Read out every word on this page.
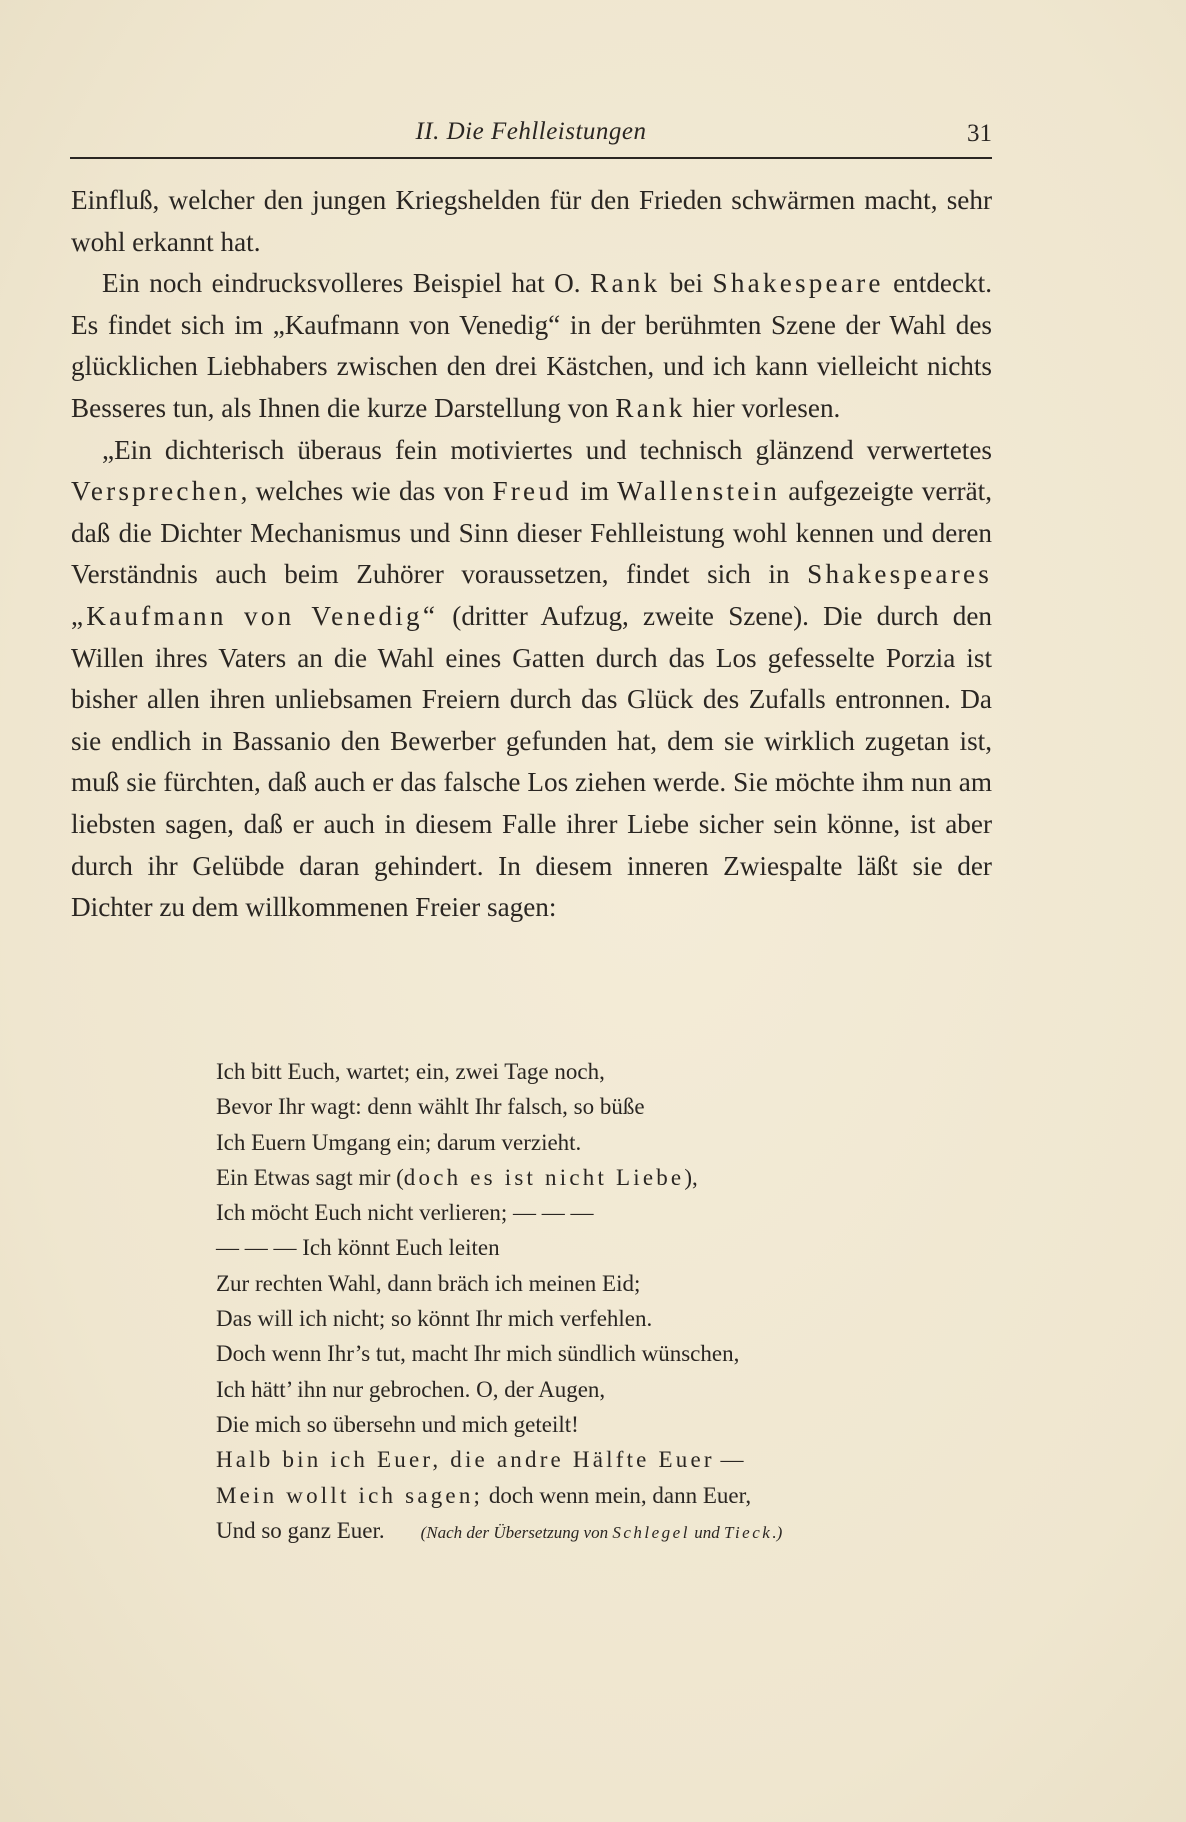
II. Die Fehlleistungen	31

Einfluß, welcher den jungen Kriegshelden für den Frieden schwärmen macht, sehr wohl erkannt hat.

Ein noch eindrucksvolleres Beispiel hat O. Rank bei Shakespeare entdeckt. Es findet sich im „Kaufmann von Venedig“ in der berühmten Szene der Wahl des glücklichen Liebhabers zwischen den drei Kästchen, und ich kann vielleicht nichts Besseres tun, als Ihnen die kurze Darstellung von Rank hier vorlesen.

„Ein dichterisch überaus fein motiviertes und technisch glänzend verwertetes Versprechen, welches wie das von Freud im Wallenstein aufgezeigte verrät, daß die Dichter Mechanismus und Sinn dieser Fehlleistung wohl kennen und deren Verständnis auch beim Zuhörer voraussetzen, findet sich in Shakespeares „Kaufmann von Venedig“ (dritter Aufzug, zweite Szene). Die durch den Willen ihres Vaters an die Wahl eines Gatten durch das Los gefesselte Porzia ist bisher allen ihren unliebsamen Freiern durch das Glück des Zufalls entronnen. Da sie endlich in Bassanio den Bewerber gefunden hat, dem sie wirklich zugetan ist, muß sie fürchten, daß auch er das falsche Los ziehen werde. Sie möchte ihm nun am liebsten sagen, daß er auch in diesem Falle ihrer Liebe sicher sein könne, ist aber durch ihr Gelübde daran gehindert. In diesem inneren Zwiespalte läßt sie der Dichter zu dem willkommenen Freier sagen:

Ich bitt Euch, wartet; ein, zwei Tage noch,
Bevor Ihr wagt: denn wählt Ihr falsch, so büße
Ich Euern Umgang ein; darum verzieht.
Ein Etwas sagt mir (doch es ist nicht Liebe),
Ich möcht Euch nicht verlieren; — — —
— — — Ich könnt Euch leiten
Zur rechten Wahl, dann bräch ich meinen Eid;
Das will ich nicht; so könnt Ihr mich verfehlen.
Doch wenn Ihr’s tut, macht Ihr mich sündlich wünschen,
Ich hätt’ ihn nur gebrochen. O, der Augen,
Die mich so übersehn und mich geteilt!
Halb bin ich Euer, die andre Hälfte Euer —
Mein wollt ich sagen; doch wenn mein, dann Euer,
Und so ganz Euer. (Nach der Übersetzung von Schlegel und Tieck.)
